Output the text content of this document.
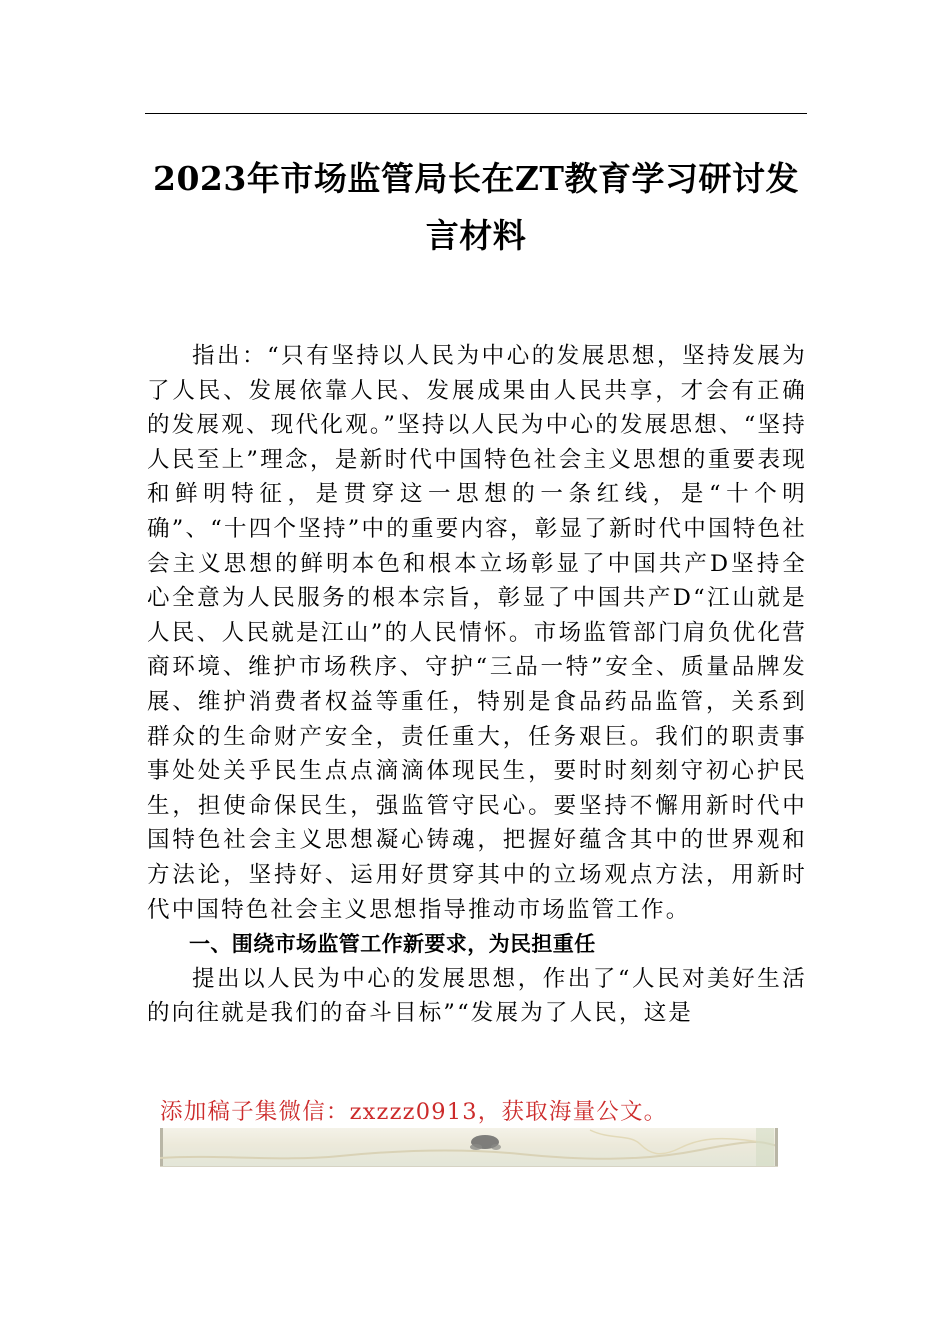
2023年市场监管局长在ZT教育学习研讨发言材料

指出：“只有坚持以人民为中心的发展思想，坚持发展为了人民、发展依靠人民、发展成果由人民共享，才会有正确的发展观、现代化观。”坚持以人民为中心的发展思想、“坚持人民至上”理念，是新时代中国特色社会主义思想的重要表现和鲜明特征，是贯穿这一思想的一条红线，是“十个明确”、“十四个坚持”中的重要内容，彰显了新时代中国特色社会主义思想的鲜明本色和根本立场彰显了中国共产D坚持全心全意为人民服务的根本宗旨，彰显了中国共产D“江山就是人民、人民就是江山”的人民情怀。市场监管部门肩负优化营商环境、维护市场秩序、守护“三品一特”安全、质量品牌发展、维护消费者权益等重任，特别是食品药品监管，关系到群众的生命财产安全，责任重大，任务艰巨。我们的职责事事处处关乎民生点点滴滴体现民生，要时时刻刻守初心护民生，担使命保民生，强监管守民心。要坚持不懈用新时代中国特色社会主义思想凝心铸魂，把握好蕴含其中的世界观和方法论，坚持好、运用好贯穿其中的立场观点方法，用新时代中国特色社会主义思想指导推动市场监管工作。

一、围绕市场监管工作新要求，为民担重任

提出以人民为中心的发展思想，作出了“人民对美好生活的向往就是我们的奋斗目标”“发展为了人民，这是

添加稿子集微信：zxzzz0913，获取海量公文。
